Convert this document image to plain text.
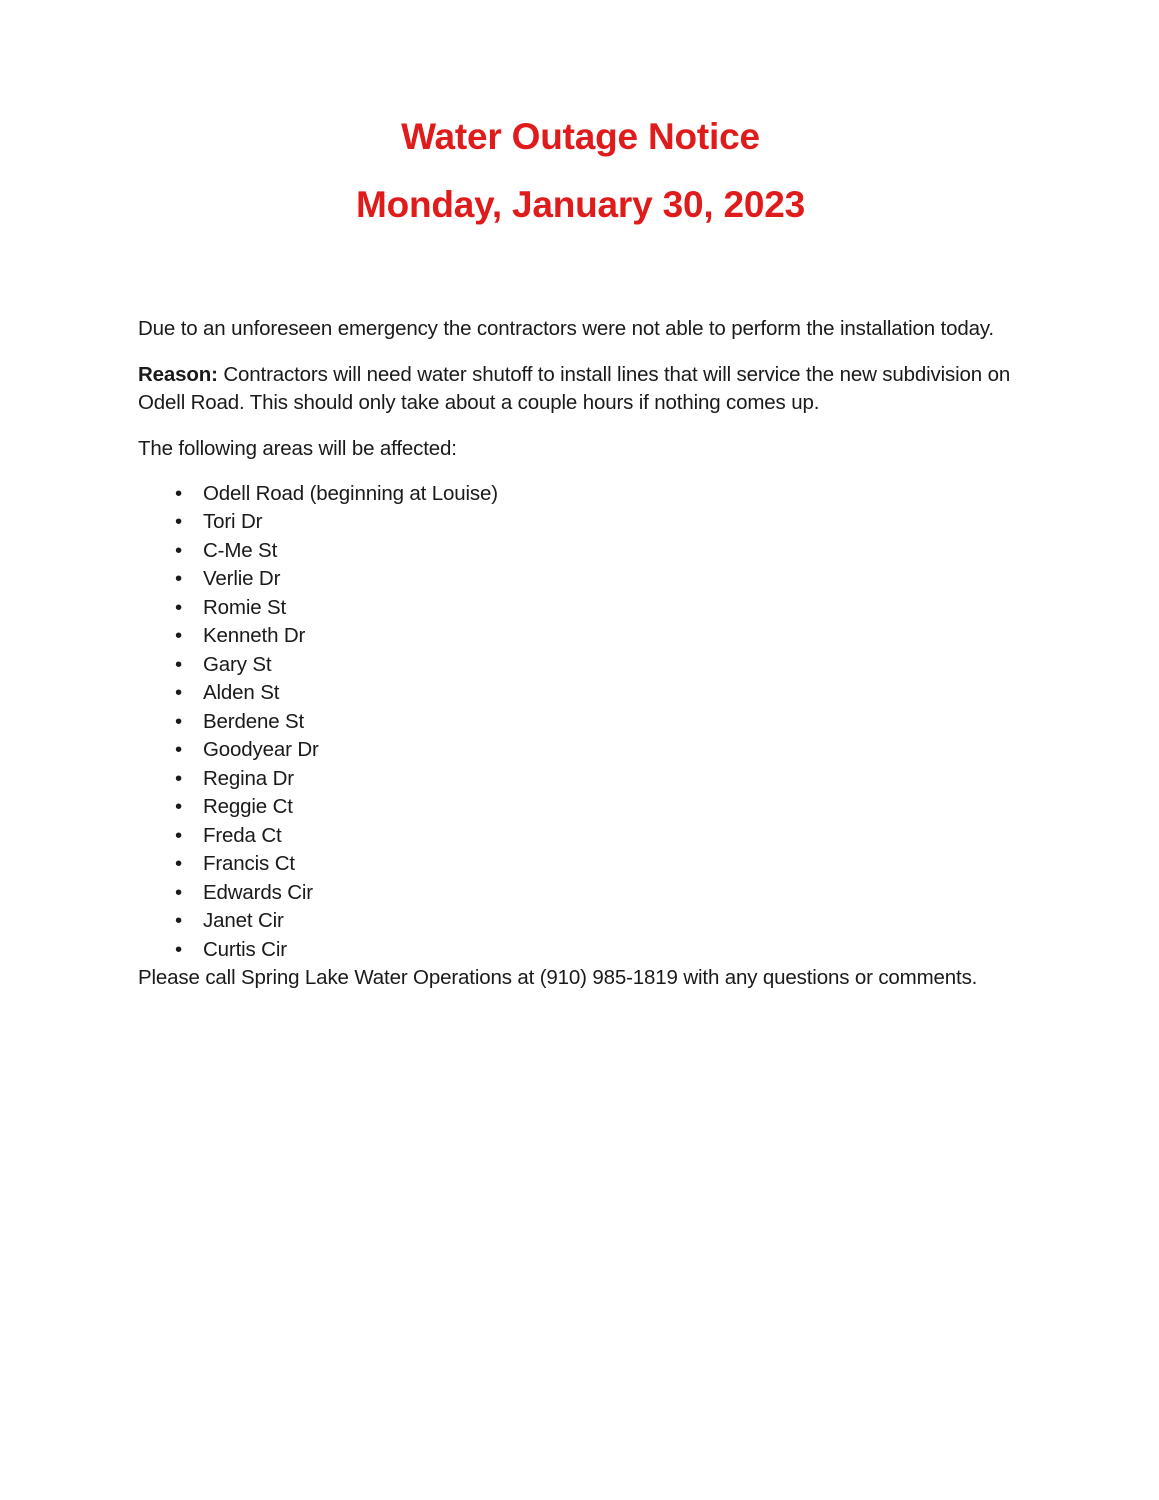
Water Outage Notice
Monday, January 30, 2023

Due to an unforeseen emergency the contractors were not able to perform the installation today.

Reason: Contractors will need water shutoff to install lines that will service the new subdivision on Odell Road. This should only take about a couple hours if nothing comes up.

The following areas will be affected:

• Odell Road (beginning at Louise)
• Tori Dr
• C-Me St
• Verlie Dr
• Romie St
• Kenneth Dr
• Gary St
• Alden St
• Berdene St
• Goodyear Dr
• Regina Dr
• Reggie Ct
• Freda Ct
• Francis Ct
• Edwards Cir
• Janet Cir
• Curtis Cir

Please call Spring Lake Water Operations at (910) 985-1819 with any questions or comments.
